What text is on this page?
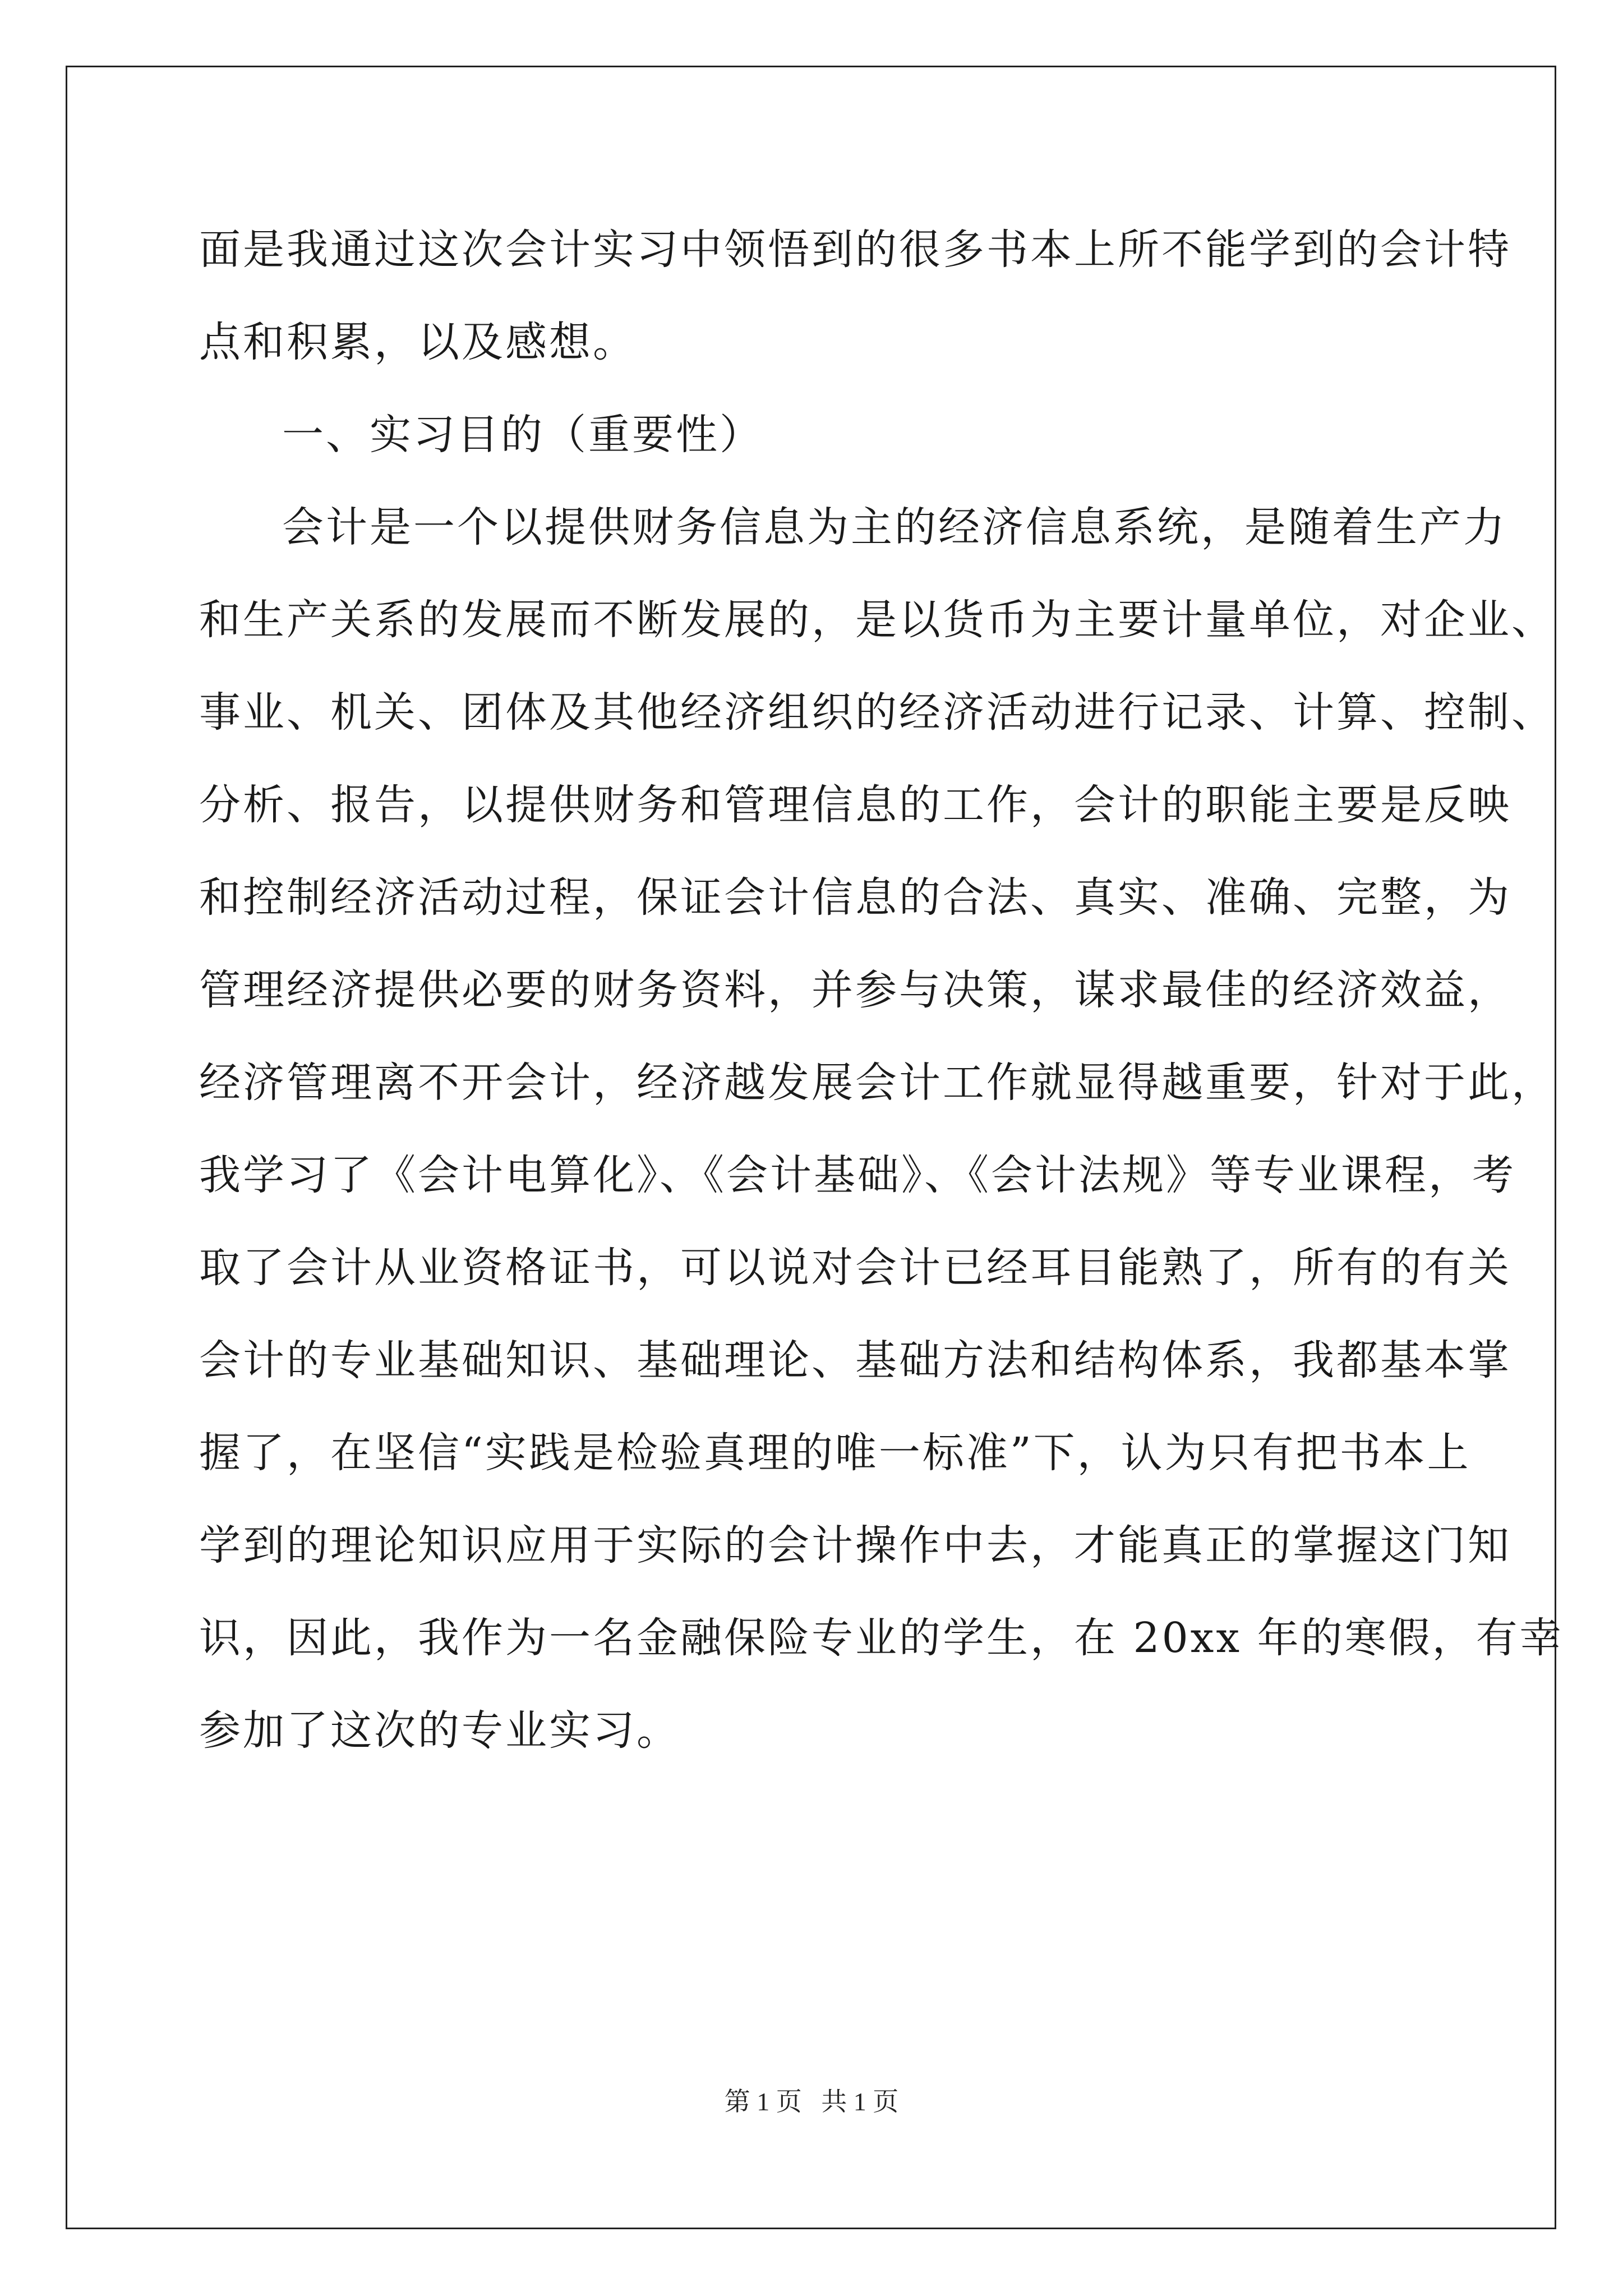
面是我通过这次会计实习中领悟到的很多书本上所不能学到的会计特
点和积累，以及感想。
一、实习目的（重要性）
会计是一个以提供财务信息为主的经济信息系统，是随着生产力
和生产关系的发展而不断发展的，是以货币为主要计量单位，对企业、
事业、机关、团体及其他经济组织的经济活动进行记录、计算、控制、
分析、报告，以提供财务和管理信息的工作，会计的职能主要是反映
和控制经济活动过程，保证会计信息的合法、真实、准确、完整，为
管理经济提供必要的财务资料，并参与决策，谋求最佳的经济效益，
经济管理离不开会计，经济越发展会计工作就显得越重要，针对于此，
我学习了《会计电算化》、《会计基础》、《会计法规》等专业课程，考
取了会计从业资格证书，可以说对会计已经耳目能熟了，所有的有关
会计的专业基础知识、基础理论、基础方法和结构体系，我都基本掌
握了，在坚信“实践是检验真理的唯一标准”下，认为只有把书本上
学到的理论知识应用于实际的会计操作中去，才能真正的掌握这门知
识，因此，我作为一名金融保险专业的学生，在 20xx 年的寒假，有幸
参加了这次的专业实习。
第 1 页   共 1 页
